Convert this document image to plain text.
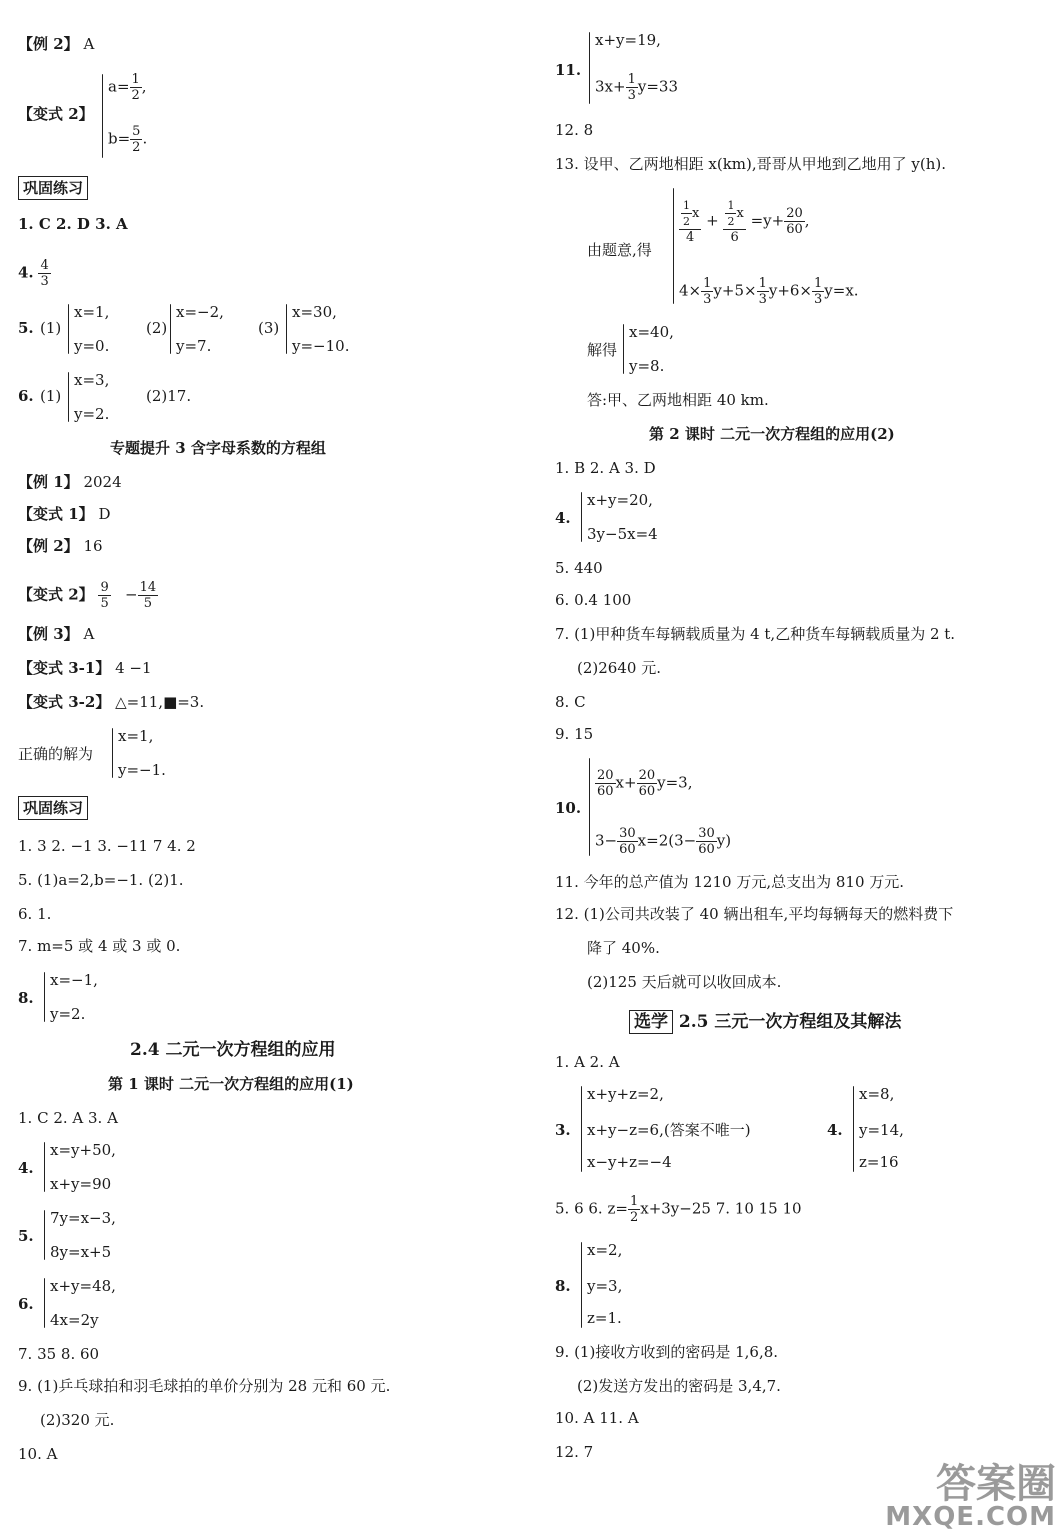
【例 2】 A
【变式 2】
$a= \frac{1}{2}$ ,
$b= \frac{5}{2}$ .
巩固练习
1. C 2. D 3. A
4. $\frac{4}{3}$
5. (1)
x=1,
y=0.
(2)
x=−2,
y=7.
(3)
x=30,
y=−10.
6. (1)
x=3,
y=2.
(2)17.
专题提升 3 含字母系数的方程组
【例 1】 2024
【变式 1】 D
【例 2】 16
【变式 2】 $\frac{9}{5} - \frac{14}{5}$
【例 3】 A
【变式 3-1】 4 −1
【变式 3-2】 △=11,■=3.
正确的解为
x=1,
y=−1.
巩固练习
1. 3 2. −1 3. −11 7 4. 2
5. (1)a=2,b=−1. (2)1.
6. 1.
7. m=5 或 4 或 3 或 0.
8.
x=−1,
y=2.
2.4 二元一次方程组的应用
第 1 课时 二元一次方程组的应用(1)
1. C 2. A 3. A
4.
x=y+50,
x+y=90
5.
7y=x−3,
8y=x+5
6.
x+y=48,
4x=2y
7. 35 8. 60
9. (1)乒乓球拍和羽毛球拍的单价分别为 28 元和 60 元.
(2)320 元.
10. A
11.
x+y=19,
$3x+ \frac{1}{3} y=33$
12. 8
13. 设甲、乙两地相距 x(km),哥哥从甲地到乙地用了 y(h).
由题意,得
$\frac{\frac{1}{2} x}{4} + \frac{\frac{1}{2} x}{6} =y+ \frac{20}{60}$ ,
$4\times \frac{1}{3} y+5\times \frac{1}{3} y+6\times \frac{1}{3} y=x$.
解得
x=40,
y=8.
答:甲、乙两地相距 40 km.
第 2 课时 二元一次方程组的应用(2)
1. B 2. A 3. D
4.
x+y=20,
3y−5x=4
5. 440
6. 0.4 100
7. (1)甲种货车每辆载质量为 4 t,乙种货车每辆载质量为 2 t.
(2)2640 元.
8. C
9. 15
10.
$\frac{20}{60} x+ \frac{20}{60} y=3$,
$3- \frac{30}{60} x=2(3- \frac{30}{60} y)$
11. 今年的总产值为 1210 万元,总支出为 810 万元.
12. (1)公司共改装了 40 辆出租车,平均每辆每天的燃料费下
降了 40%.
(2)125 天后就可以收回成本.
选学 2.5 三元一次方程组及其解法
1. A 2. A
3.
x+y+z=2,
x+y−z=6,(答案不唯一)
x−y+z=−4
4.
x=8,
y=14,
z=16
5. 6 6. $z= \frac{1}{2} x+3y-25$ 7. 10 15 10
8.
x=2,
y=3,
z=1.
9. (1)接收方收到的密码是 1,6,8.
(2)发送方发出的密码是 3,4,7.
10. A 11. A
12. 7
答案圈
MXQE.COM
